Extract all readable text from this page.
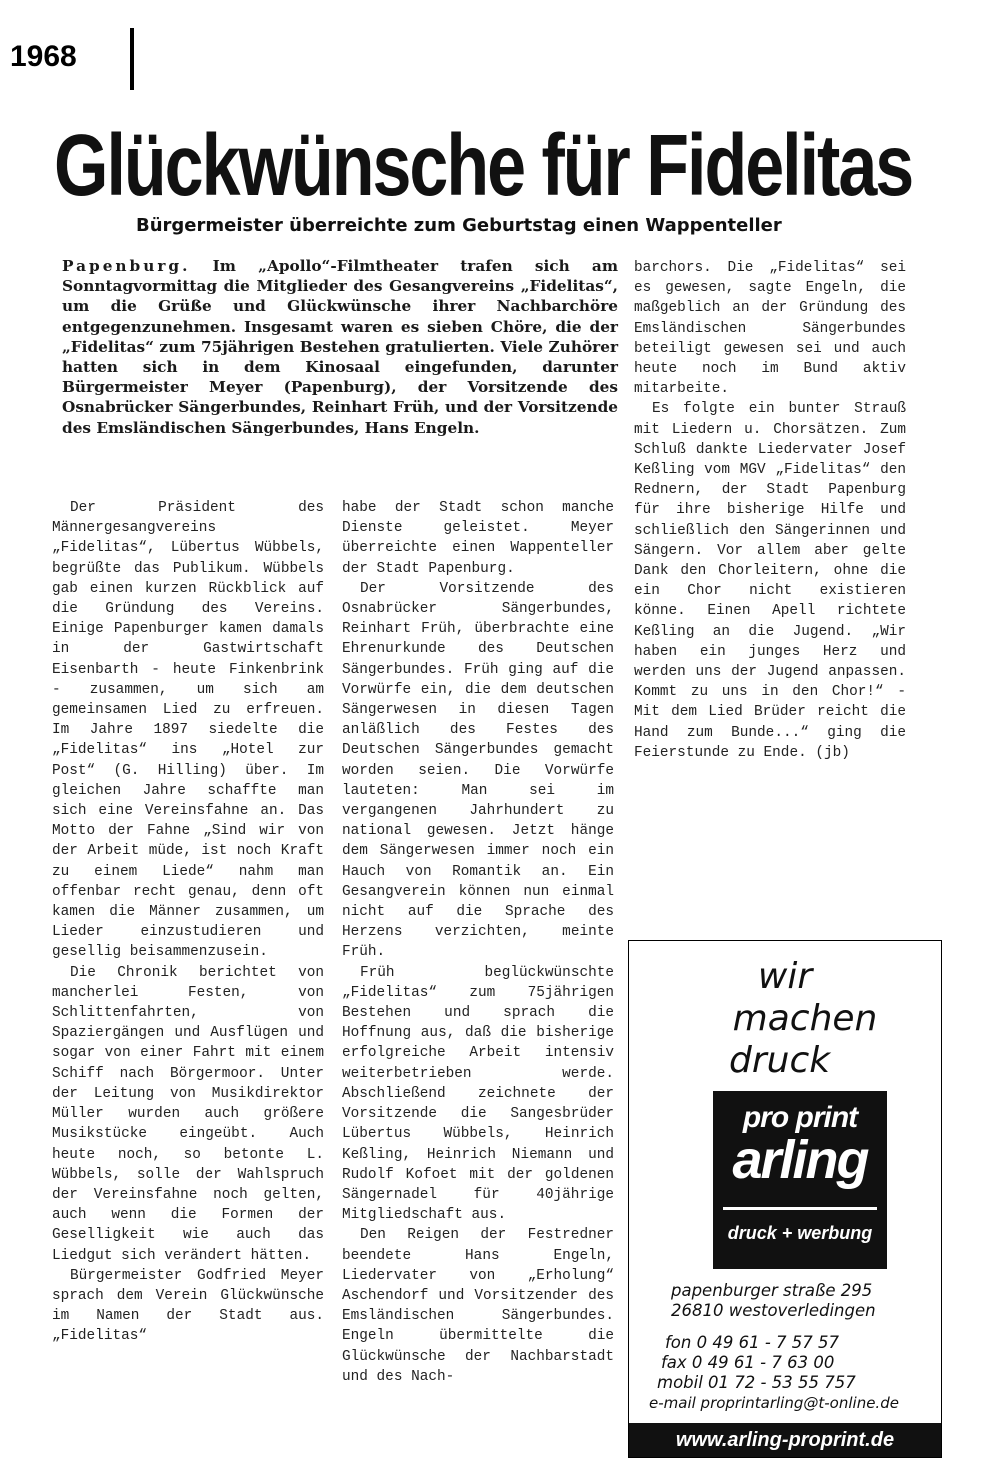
1968
Glückwünsche für Fidelitas
Bürgermeister überreichte zum Geburtstag einen Wappenteller
Papenburg. Im „Apollo“-Filmtheater trafen sich am Sonntagvormittag die Mitglieder des Gesangvereins „Fidelitas“, um die Grüße und Glückwünsche ihrer Nachbarchöre entgegenzunehmen. Insgesamt waren es sieben Chöre, die der „Fidelitas“ zum 75jährigen Bestehen gratulierten. Viele Zuhörer hatten sich in dem Kinosaal eingefunden, darunter Bürgermeister Meyer (Papenburg), der Vorsitzende des Osnabrücker Sängerbundes, Reinhart Früh, und der Vorsitzende des Emsländischen Sängerbundes, Hans Engeln.

Der Präsident des Männergesangvereins „Fidelitas“, Lübertus Wübbels, begrüßte das Publikum. Wübbels gab einen kurzen Rückblick auf die Gründung des Vereins. Einige Papenburger kamen damals in der Gastwirtschaft Eisenbarth - heute Finkenbrink - zusammen, um sich am gemeinsamen Lied zu erfreuen. Im Jahre 1897 siedelte die „Fidelitas“ ins „Hotel zur Post“ (G. Hilling) über. Im gleichen Jahre schaffte man sich eine Vereinsfahne an. Das Motto der Fahne „Sind wir von der Arbeit müde, ist noch Kraft zu einem Liede“ nahm man offenbar recht genau, denn oft kamen die Männer zusammen, um Lieder einzustudieren und gesellig beisammenzusein.

Die Chronik berichtet von mancherlei Festen, von Schlittenfahrten, von Spaziergängen und Ausflügen und sogar von einer Fahrt mit einem Schiff nach Börgermoor. Unter der Leitung von Musikdirektor Müller wurden auch größere Musikstücke eingeübt. Auch heute noch, so betonte L. Wübbels, solle der Wahlspruch der Vereinsfahne noch gelten, auch wenn die Formen der Geselligkeit wie auch das Liedgut sich verändert hätten.

Bürgermeister Godfried Meyer sprach dem Verein Glückwünsche im Namen der Stadt aus. „Fidelitas“

habe der Stadt schon manche Dienste geleistet. Meyer überreichte einen Wappenteller der Stadt Papenburg.

Der Vorsitzende des Osnabrücker Sängerbundes, Reinhart Früh, überbrachte eine Ehrenurkunde des Deutschen Sängerbundes. Früh ging auf die Vorwürfe ein, die dem deutschen Sängerwesen in diesen Tagen anläßlich des Festes des Deutschen Sängerbundes gemacht worden seien. Die Vorwürfe lauteten: Man sei im vergangenen Jahrhundert zu national gewesen. Jetzt hänge dem Sängerwesen immer noch ein Hauch von Romantik an. Ein Gesangverein können nun einmal nicht auf die Sprache des Herzens verzichten, meinte Früh.

Früh beglückwünschte „Fidelitas“ zum 75jährigen Bestehen und sprach die Hoffnung aus, daß die bisherige erfolgreiche Arbeit intensiv weiterbetrieben werde. Abschließend zeichnete der Vorsitzende die Sangesbrüder Lübertus Wübbels, Heinrich Keßling, Heinrich Niemann und Rudolf Kofoet mit der goldenen Sängernadel für 40jährige Mitgliedschaft aus.

Den Reigen der Festredner beendete Hans Engeln, Liedervater von „Erholung“ Aschendorf und Vorsitzender des Emsländischen Sängerbundes. Engeln übermittelte die Glückwünsche der Nachbarstadt und des Nach-

barchors. Die „Fidelitas“ sei es gewesen, sagte Engeln, die maßgeblich an der Gründung des Emsländischen Sängerbundes beteiligt gewesen sei und auch heute noch im Bund aktiv mitarbeite.

Es folgte ein bunter Strauß mit Liedern u. Chorsätzen. Zum Schluß dankte Liedervater Josef Keßling vom MGV „Fidelitas“ den Rednern, der Stadt Papenburg für ihre bisherige Hilfe und schließlich den Sängerinnen und Sängern. Vor allem aber gelte Dank den Chorleitern, ohne die ein Chor nicht existieren könne. Einen Apell richtete Keßling an die Jugend. „Wir haben ein junges Herz und werden uns der Jugend anpassen. Kommt zu uns in den Chor!“ - Mit dem Lied Brüder reicht die Hand zum Bunde...“ ging die Feierstunde zu Ende. (jb)

wir
machen
druck
pro print
arling
druck + werbung
papenburger straße 295
26810 westoverledingen
fon 0 49 61 - 7 57 57
fax 0 49 61 - 7 63 00
mobil 01 72 - 53 55 757
e-mail proprintarling@t-online.de
www.arling-proprint.de
